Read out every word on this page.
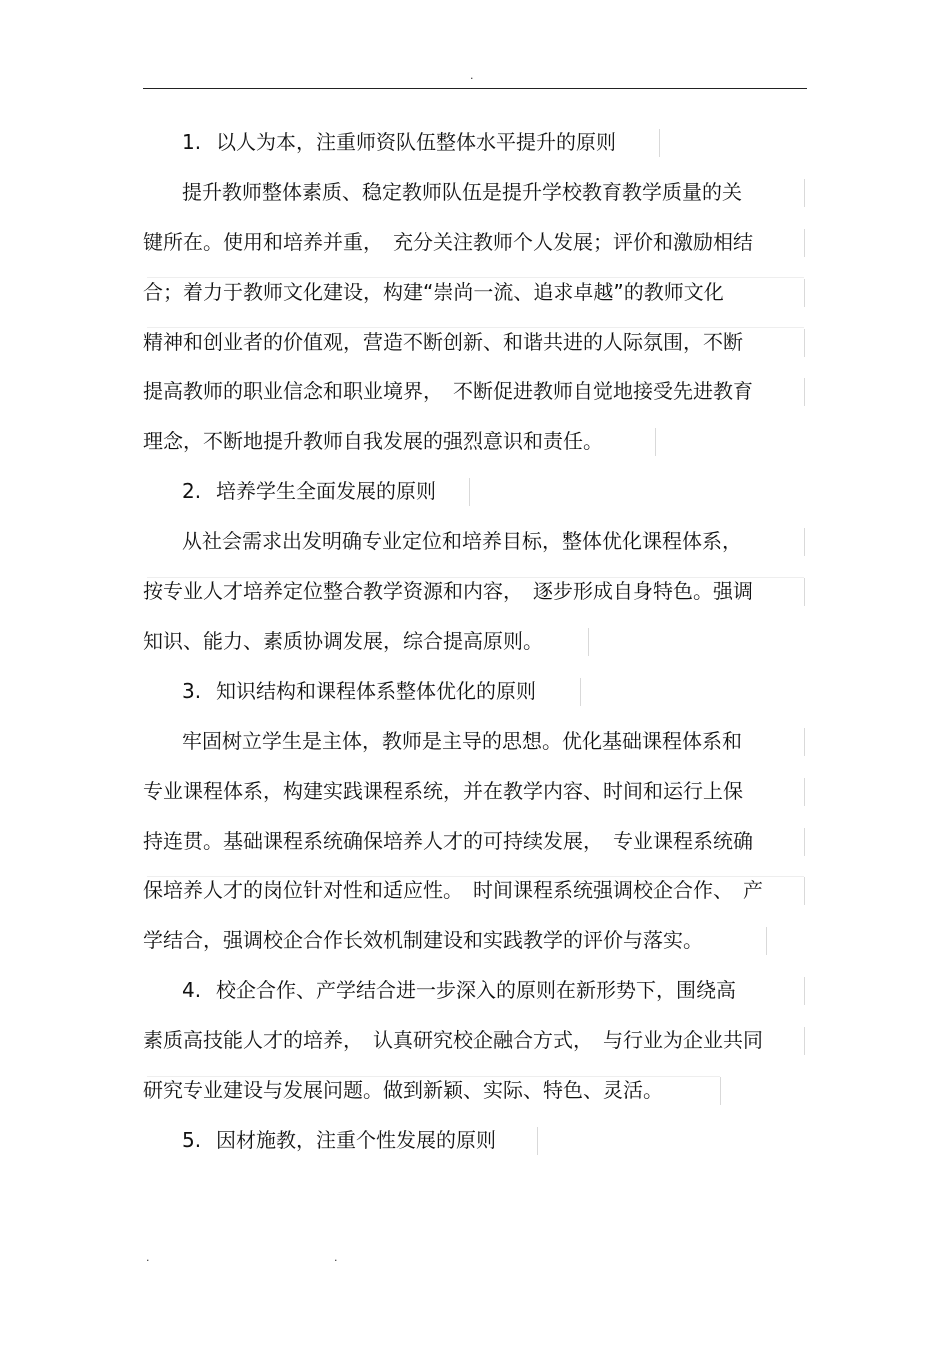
.
1. 以人为本，注重师资队伍整体水平提升的原则
提升教师整体素质、稳定教师队伍是提升学校教育教学质量的关
键所在。使用和培养并重，　充分关注教师个人发展；评价和激励相结
合；着力于教师文化建设，构建“崇尚一流、追求卓越”的教师文化
精神和创业者的价值观，营造不断创新、和谐共进的人际氛围，不断
提高教师的职业信念和职业境界，　不断促进教师自觉地接受先进教育
理念，不断地提升教师自我发展的强烈意识和责任。
2. 培养学生全面发展的原则
从社会需求出发明确专业定位和培养目标，整体优化课程体系，
按专业人才培养定位整合教学资源和内容，　逐步形成自身特色。强调
知识、能力、素质协调发展，综合提高原则。
3. 知识结构和课程体系整体优化的原则
牢固树立学生是主体，教师是主导的思想。优化基础课程体系和
专业课程体系，构建实践课程系统，并在教学内容、时间和运行上保
持连贯。基础课程系统确保培养人才的可持续发展，　专业课程系统确
保培养人才的岗位针对性和适应性。　时间课程系统强调校企合作、　产
学结合，强调校企合作长效机制建设和实践教学的评价与落实。
4. 校企合作、产学结合进一步深入的原则在新形势下，围绕高
素质高技能人才的培养，　认真研究校企融合方式，　与行业为企业共同
研究专业建设与发展问题。做到新颖、实际、特色、灵活。
5. 因材施教，注重个性发展的原则
.	.
